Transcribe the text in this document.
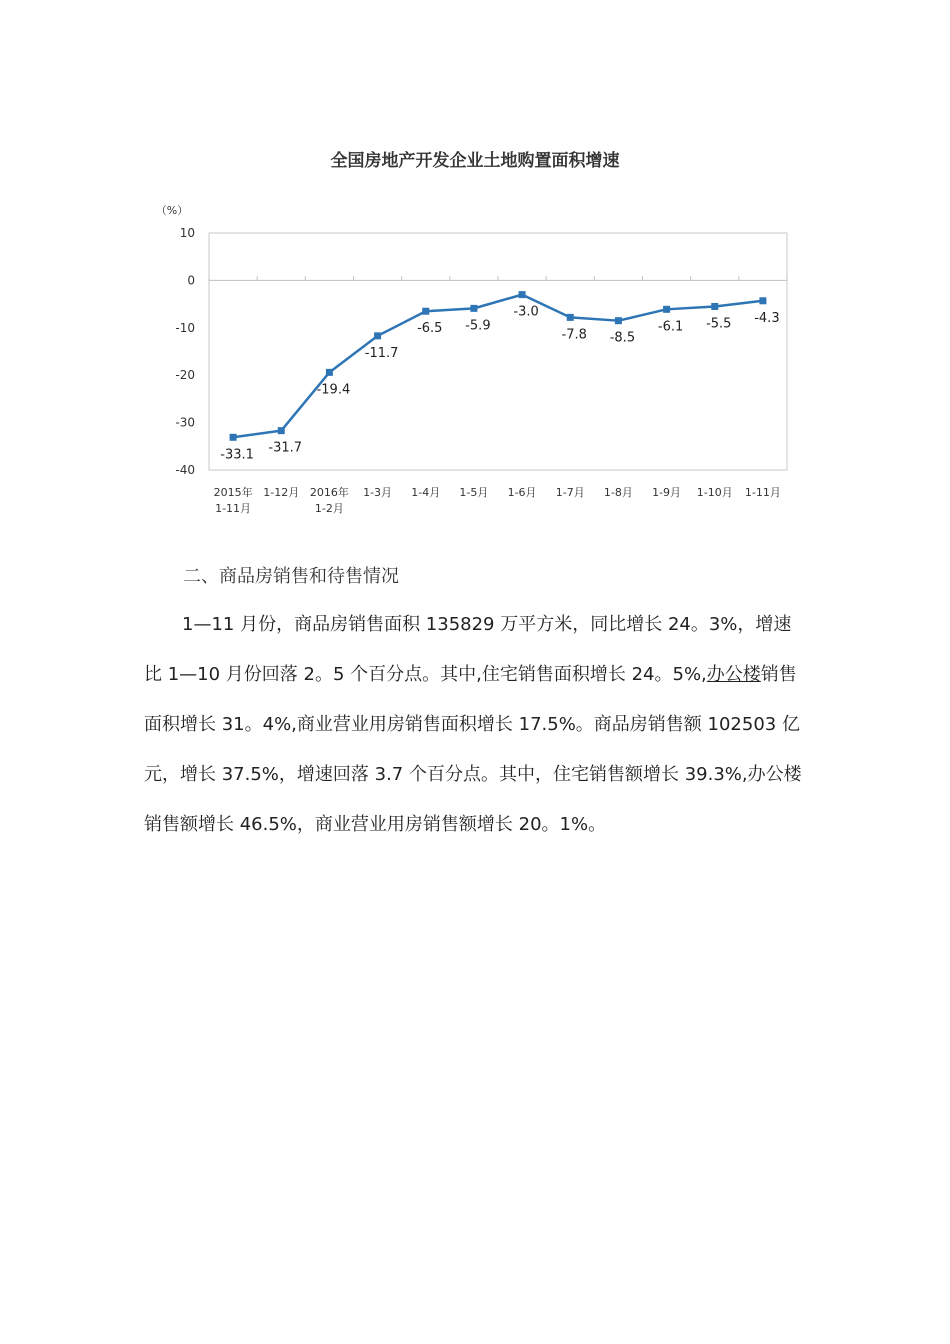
全国房地产开发企业土地购置面积增速
（%）
10
0
-10
-20
-30
-40
2015年
1-11月
1-12月 2016年
1-2月
1-3月 1-4月 1-5月 1-6月 1-7月 1-8月 1-9月 1-10月 1-11月
-33.1 -31.7
-19.4
-11.7
-6.5 -5.9
-3.0
-7.8 -8.5
-6.1 -5.5 -4.3
二、商品房销售和待售情况
1—11 月份，商品房销售面积 135829 万平方米，同比增长 24。3%，增速比 1—10 月份回落 2。5 个百分点。其中,住宅销售面积增长 24。5%,办公楼销售面积增长 31。4%,商业营业用房销售面积增长 17.5%。商品房销售额 102503 亿元，增长 37.5%，增速回落 3.7 个百分点。其中，住宅销售额增长 39.3%,办公楼销售额增长 46.5%，商业营业用房销售额增长 20。1%。
